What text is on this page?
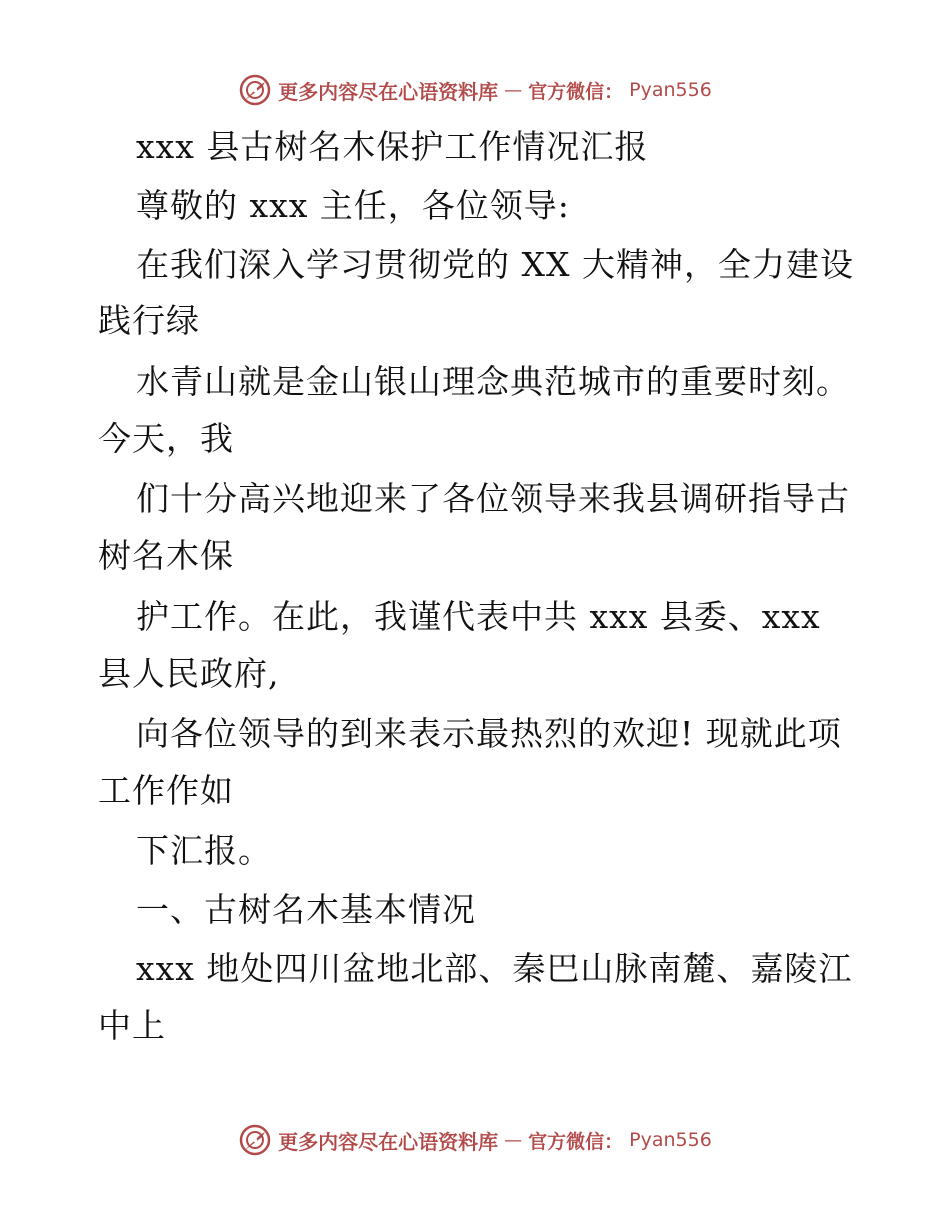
更多内容尽在心语资料库 — 官方微信： Pyan556
xxx 县古树名木保护工作情况汇报
尊敬的 xxx 主任，各位领导:
在我们深入学习贯彻党的 XX 大精神，全力建设
践行绿
水青山就是金山银山理念典范城市的重要时刻。
今天，我
们十分高兴地迎来了各位领导来我县调研指导古
树名木保
护工作。在此，我谨代表中共 xxx 县委、xxx
县人民政府,
向各位领导的到来表示最热烈的欢迎! 现就此项
工作作如
下汇报。
一、古树名木基本情况
xxx 地处四川盆地北部、秦巴山脉南麓、嘉陵江
中上
更多内容尽在心语资料库 — 官方微信： Pyan556
